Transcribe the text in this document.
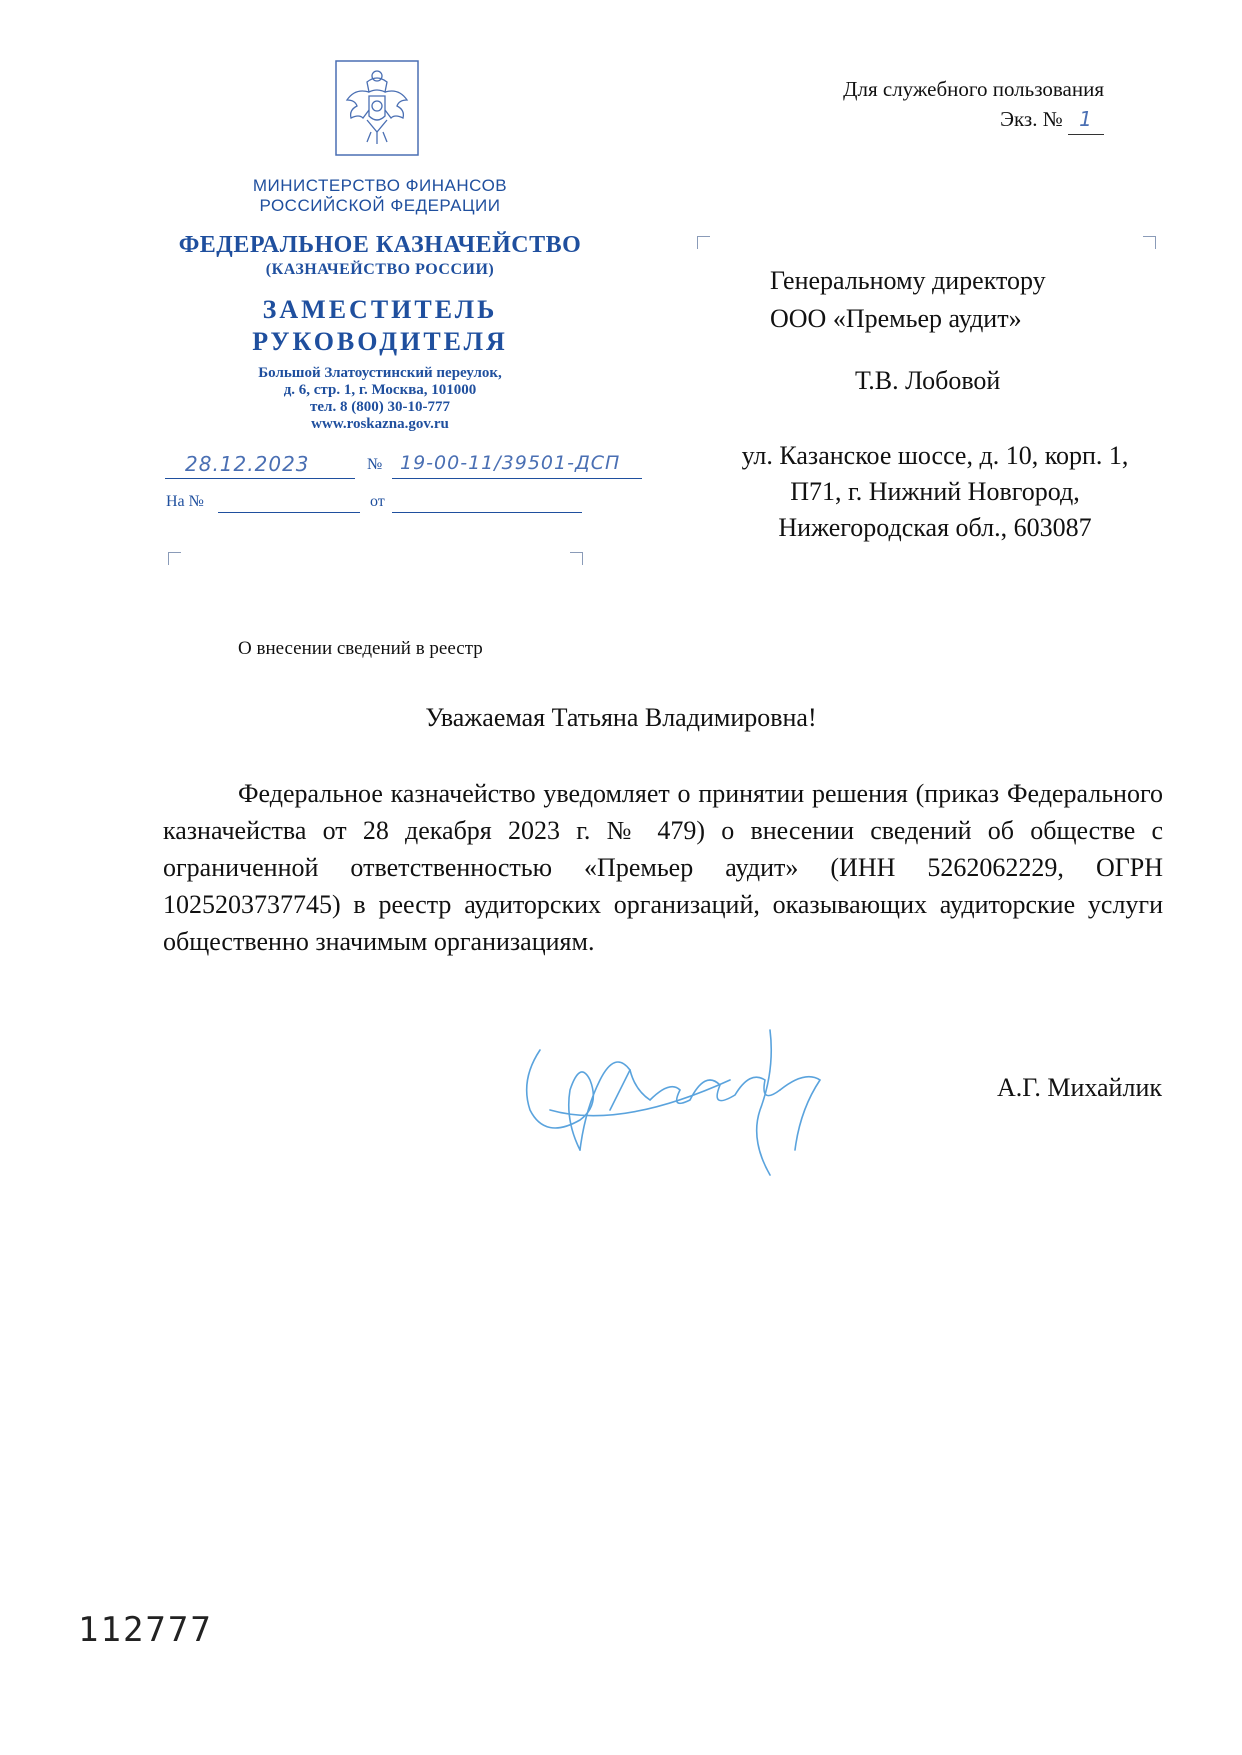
МИНИСТЕРСТВО ФИНАНСОВ
РОССИЙСКОЙ ФЕДЕРАЦИИ
ФЕДЕРАЛЬНОЕ КАЗНАЧЕЙСТВО
(КАЗНАЧЕЙСТВО РОССИИ)
ЗАМЕСТИТЕЛЬ
РУКОВОДИТЕЛЯ
Большой Златоустинский переулок,
д. 6, стр. 1, г. Москва, 101000
тел. 8 (800) 30-10-777
www.roskazna.gov.ru
28.12.2023	№ 19-00-11/39501-ДСП
На №	от
Для служебного пользования
Экз. № 1
Генеральному директору
ООО «Премьер аудит»
Т.В. Лобовой
ул. Казанское шоссе, д. 10, корп. 1,
П71, г. Нижний Новгород,
Нижегородская обл., 603087
О внесении сведений в реестр
Уважаемая Татьяна Владимировна!
Федеральное казначейство уведомляет о принятии решения (приказ Федерального казначейства от 28 декабря 2023 г. № 479) о внесении сведений об обществе с ограниченной ответственностью «Премьер аудит» (ИНН 5262062229, ОГРН 1025203737745) в реестр аудиторских организаций, оказывающих аудиторские услуги общественно значимым организациям.
А.Г. Михайлик
112777
